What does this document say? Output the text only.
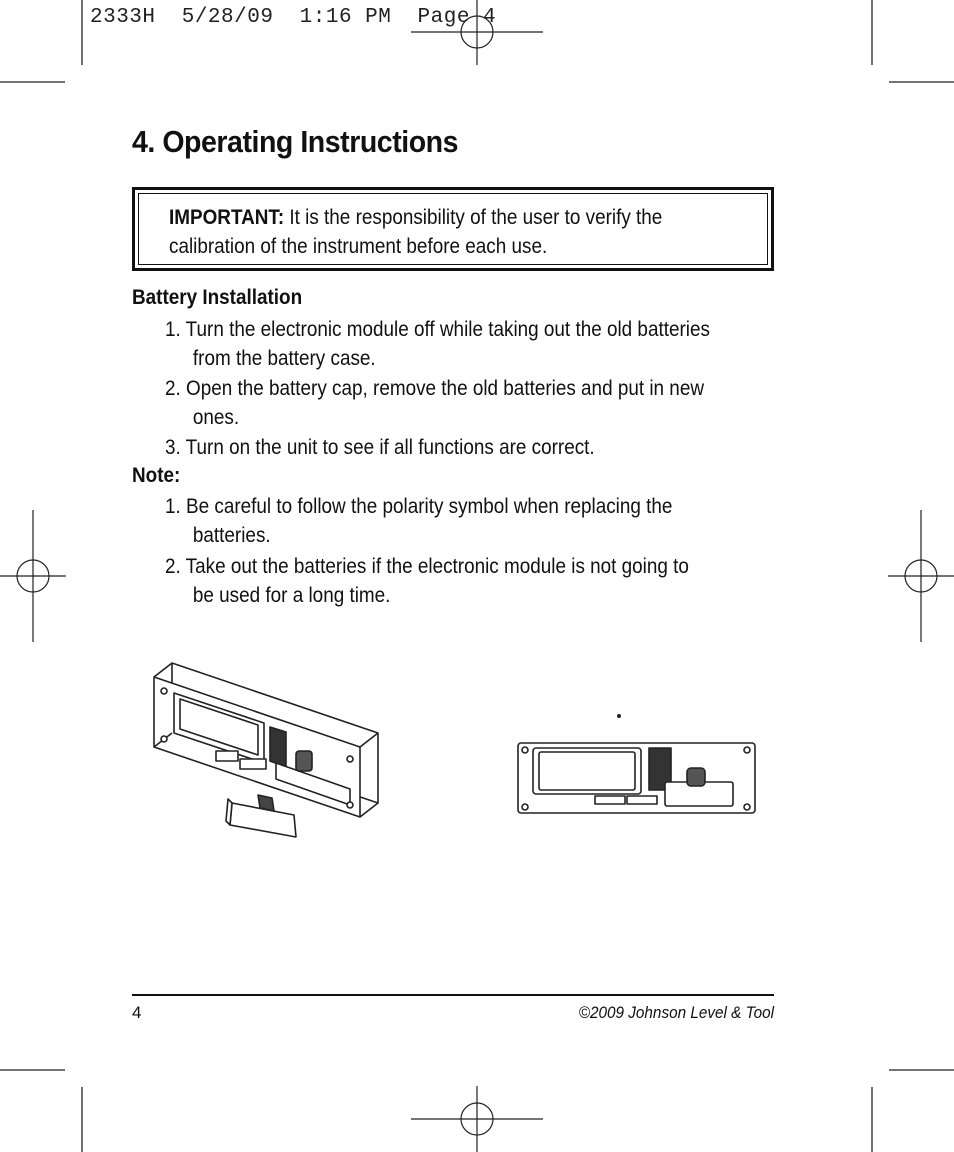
2333H  5/28/09  1:16 PM  Page 4
4. Operating Instructions
IMPORTANT: It is the responsibility of the user to verify the
calibration of the instrument before each use.
Battery Installation
1. Turn the electronic module off while taking out the old batteries
from the battery case.
2. Open the battery cap, remove the old batteries and put in new
ones.
3. Turn on the unit to see if all functions are correct.
Note:
1. Be careful to follow the polarity symbol when replacing the
batteries.
2. Take out the batteries if the electronic module is not going to
be used for a long time.
4	©2009 Johnson Level & Tool
